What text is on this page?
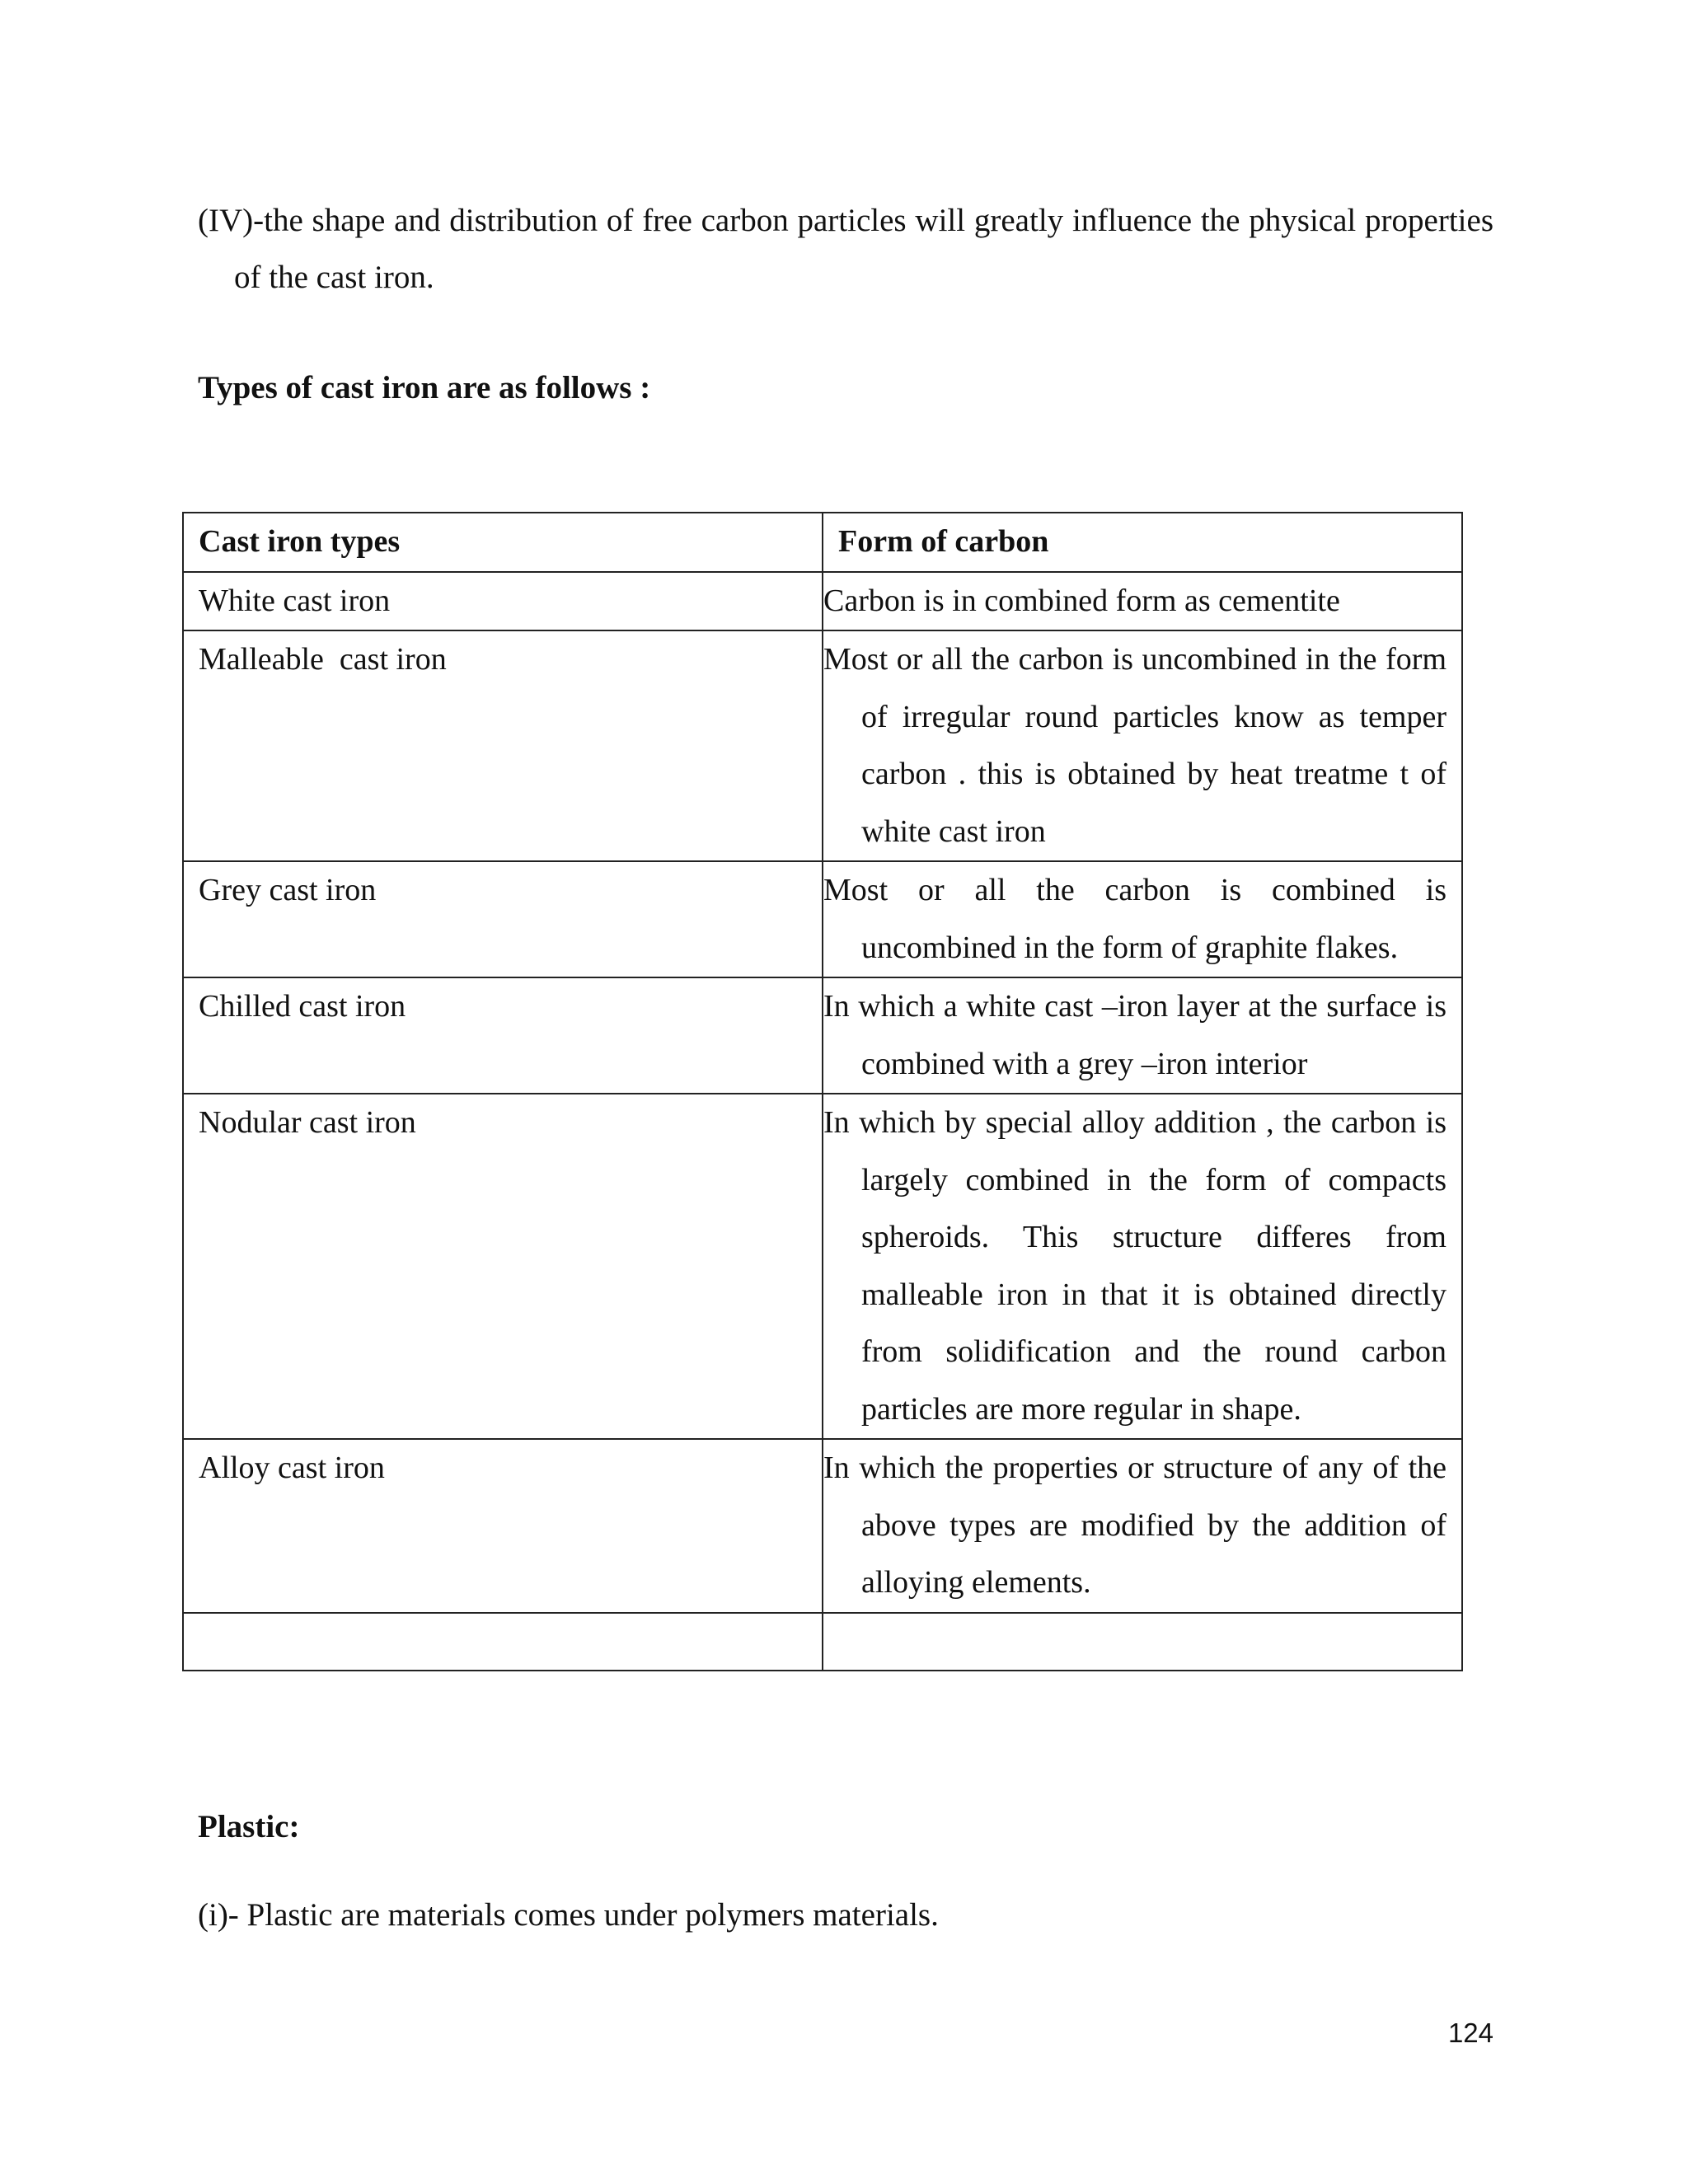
(IV)-the shape and distribution of free carbon particles will greatly influence the physical properties of the cast iron.
Types of cast iron are as follows :
Cast iron types	Form of carbon
White cast iron	Carbon is in combined form as cementite
Malleable  cast iron	Most or all the carbon is uncombined in the form of irregular round particles know as temper carbon . this is obtained by heat treatme t of white cast iron
Grey cast iron	Most or all the carbon is combined is uncombined in the form of graphite flakes.
Chilled cast iron	In which a white cast –iron layer at the surface is combined with a grey –iron interior
Nodular cast iron	In which by special alloy addition , the carbon is largely combined in the form of compacts spheroids. This structure differes from malleable iron in that it is obtained directly from solidification and the round carbon particles are more regular in shape.
Alloy cast iron	In which the properties or structure of any of the above types are modified by the addition of alloying elements.

Plastic:
(i)- Plastic are materials comes under polymers materials.
124
